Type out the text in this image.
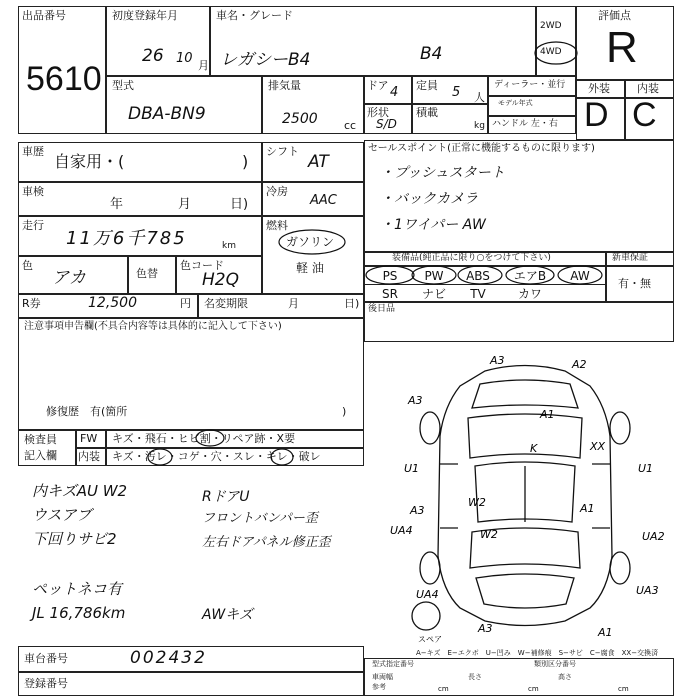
出品番号
5610
初度登録年月
26 10 月
車名・グレード
レガシーB4	B4
2WD
4WD
評価点
R
型式
DBA-BN9
排気量
2500 cc
ドア 4 定員 5 人
形状
S/D
積載
kg
ディーラー・並行
モデル年式
ハンドル 左・右
外装 内装
D C
車歴
自家用・(	)
車検
年	月	日)
走行
11万6千785	km
色
アカ	色替
色コード
H2Q
シフト
AT
冷房
AAC
燃料
ガソリン
軽 油
R券	12,500	円 名変期限	月	日)
注意事項申告欄(不具合内容等は具体的に記入して下さい)
修復歴　有(箇所	)
検査員
記入欄
FW キズ・飛石・ヒビ割・リペア跡・X要
内装 キズ・汚レ・コゲ・穴・スレ・キレ・破レ
内キズAU W2
ウスアブ
下回りサビ2
ペットネコ有
JL 16,786km
RドアU
フロントバンパー歪
左右ドアパネル修正歪
AWキズ
セールスポイント(正常に機能するものに限ります)
・プッシュスタート
・バックカメラ
・1ワイパー AW
装備品(純正品に限り○をつけて下さい)	新車保証
有・無
PS	PW	ABS	エアB	AW
SR	ナビ	TV	カワ
後日品
A3	A2
A3
A1
XX
K
U1	U1
W2
A3	A1
UA4	W2	UA2
UA4	UA3
A3	A1
スペア
A−キズ　E−エクボ　U−凹み　W−補修痕　S−サビ　C−腐食　XX−交換済
車台番号	002432
登録番号
型式指定番号	類別区分番号
車両幅
参考
長さ	高さ
cm	cm	cm
